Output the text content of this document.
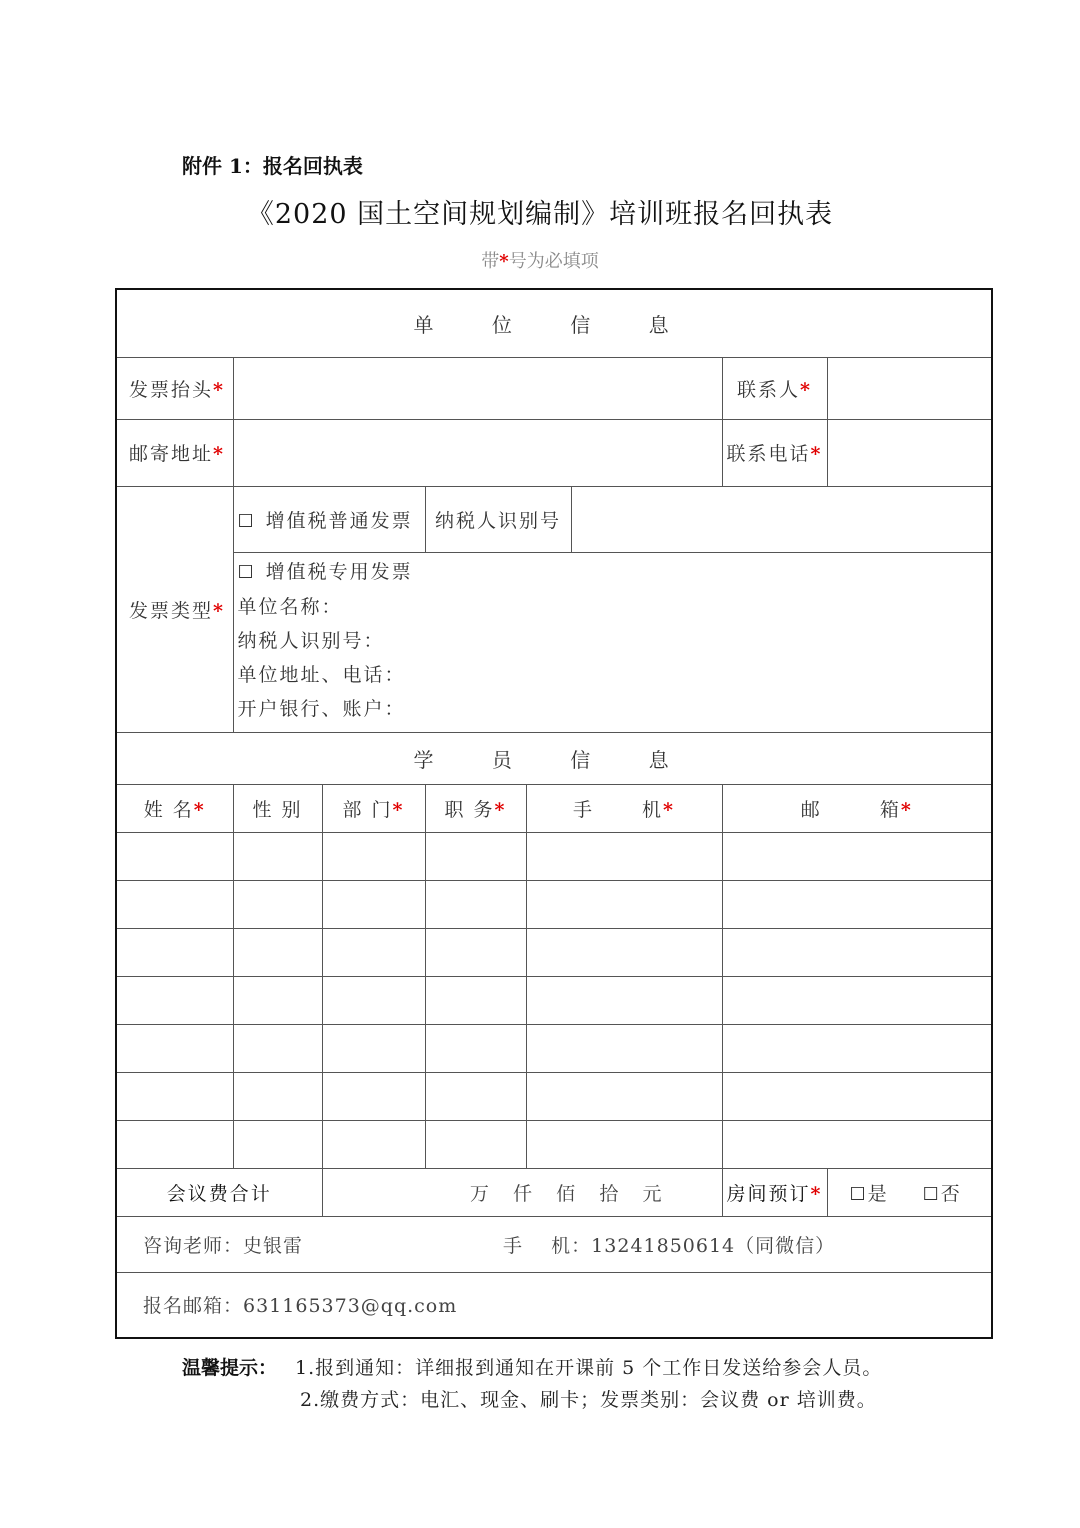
附件 1：报名回执表
《2020 国土空间规划编制》培训班报名回执表
带*号为必填项
单 位 信 息							
发票抬头*						联系人*	
邮寄地址*						联系电话*	
发票类型*	☐ 增值税普通发票		纳税人识别号				

	☐ 增值税专用发票
单位名称：
纳税人识别号：
单位地址、电话：
开户银行、账户：						

学 员 信 息							
姓 名*	性 别	部 门*	职 务*	手 机*		邮 箱*	

会议费合计		万    仟    佰    拾    元				房间预订*	☐ 是 ☐ 否
咨询老师：史银雷 手    机：13241850614（同微信）							
报名邮箱：631165373@qq.com							
温馨提示： 1.报到通知：详细报到通知在开课前 5 个工作日发送给参会人员。
2.缴费方式：电汇、现金、刷卡；发票类别：会议费 or 培训费。
